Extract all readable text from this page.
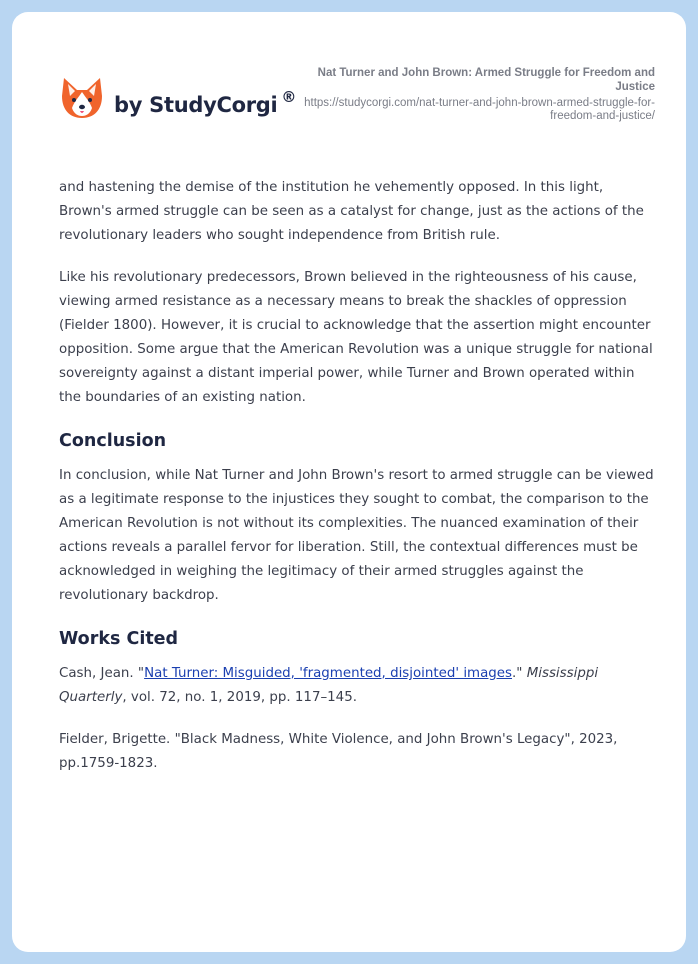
by StudyCorgi ®
Nat Turner and John Brown: Armed Struggle for Freedom and Justice
https://studycorgi.com/nat-turner-and-john-brown-armed-struggle-for-freedom-and-justice/

and hastening the demise of the institution he vehemently opposed. In this light, Brown's armed struggle can be seen as a catalyst for change, just as the actions of the revolutionary leaders who sought independence from British rule.

Like his revolutionary predecessors, Brown believed in the righteousness of his cause, viewing armed resistance as a necessary means to break the shackles of oppression (Fielder 1800). However, it is crucial to acknowledge that the assertion might encounter opposition. Some argue that the American Revolution was a unique struggle for national sovereignty against a distant imperial power, while Turner and Brown operated within the boundaries of an existing nation.

Conclusion

In conclusion, while Nat Turner and John Brown's resort to armed struggle can be viewed as a legitimate response to the injustices they sought to combat, the comparison to the American Revolution is not without its complexities. The nuanced examination of their actions reveals a parallel fervor for liberation. Still, the contextual differences must be acknowledged in weighing the legitimacy of their armed struggles against the revolutionary backdrop.

Works Cited

Cash, Jean. "Nat Turner: Misguided, 'fragmented, disjointed' images." Mississippi Quarterly, vol. 72, no. 1, 2019, pp. 117–145.

Fielder, Brigette. "Black Madness, White Violence, and John Brown's Legacy", 2023, pp.1759-1823.
